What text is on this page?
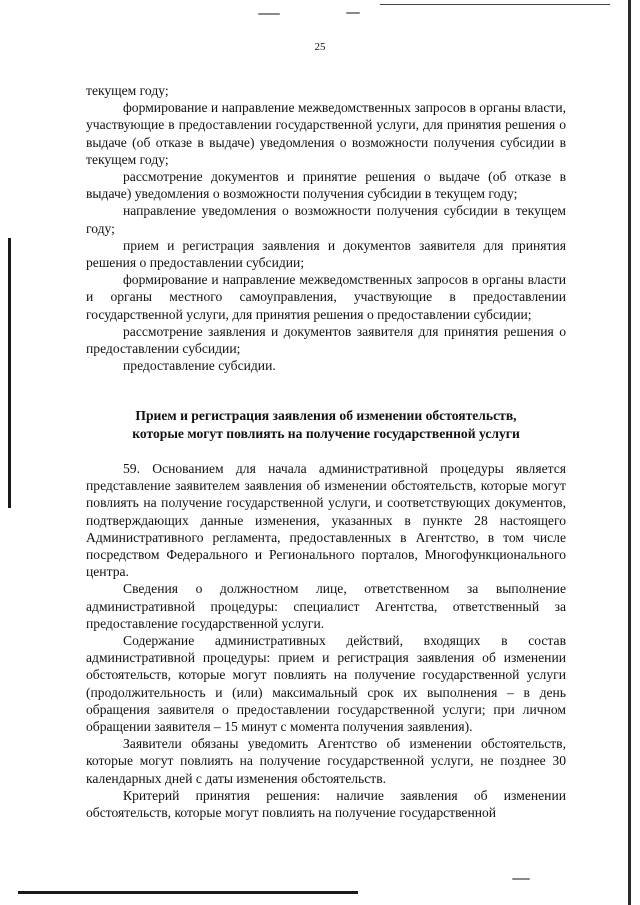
25

текущем году;

формирование и направление межведомственных запросов в органы власти, участвующие в предоставлении государственной услуги, для принятия решения о выдаче (об отказе в выдаче) уведомления о возможности получения субсидии в текущем году;

рассмотрение документов и принятие решения о выдаче (об отказе в выдаче) уведомления о возможности получения субсидии в текущем году;

направление уведомления о возможности получения субсидии в текущем году;

прием и регистрация заявления и документов заявителя для принятия решения о предоставлении субсидии;

формирование и направление межведомственных запросов в органы власти и органы местного самоуправления, участвующие в предоставлении государственной услуги, для принятия решения о предоставлении субсидии;

рассмотрение заявления и документов заявителя для принятия решения о предоставлении субсидии;

предоставление субсидии.

Прием и регистрация заявления об изменении обстоятельств,
которые могут повлиять на получение государственной услуги

59. Основанием для начала административной процедуры является представление заявителем заявления об изменении обстоятельств, которые могут повлиять на получение государственной услуги, и соответствующих документов, подтверждающих данные изменения, указанных в пункте 28 настоящего Административного регламента, предоставленных в Агентство, в том числе посредством Федерального и Регионального порталов, Многофункционального центра.

Сведения о должностном лице, ответственном за выполнение административной процедуры: специалист Агентства, ответственный за предоставление государственной услуги.

Содержание административных действий, входящих в состав административной процедуры: прием и регистрация заявления об изменении обстоятельств, которые могут повлиять на получение государственной услуги (продолжительность и (или) максимальный срок их выполнения – в день обращения заявителя о предоставлении государственной услуги; при личном обращении заявителя – 15 минут с момента получения заявления).

Заявители обязаны уведомить Агентство об изменении обстоятельств, которые могут повлиять на получение государственной услуги, не позднее 30 календарных дней с даты изменения обстоятельств.

Критерий принятия решения: наличие заявления об изменении обстоятельств, которые могут повлиять на получение государственной
